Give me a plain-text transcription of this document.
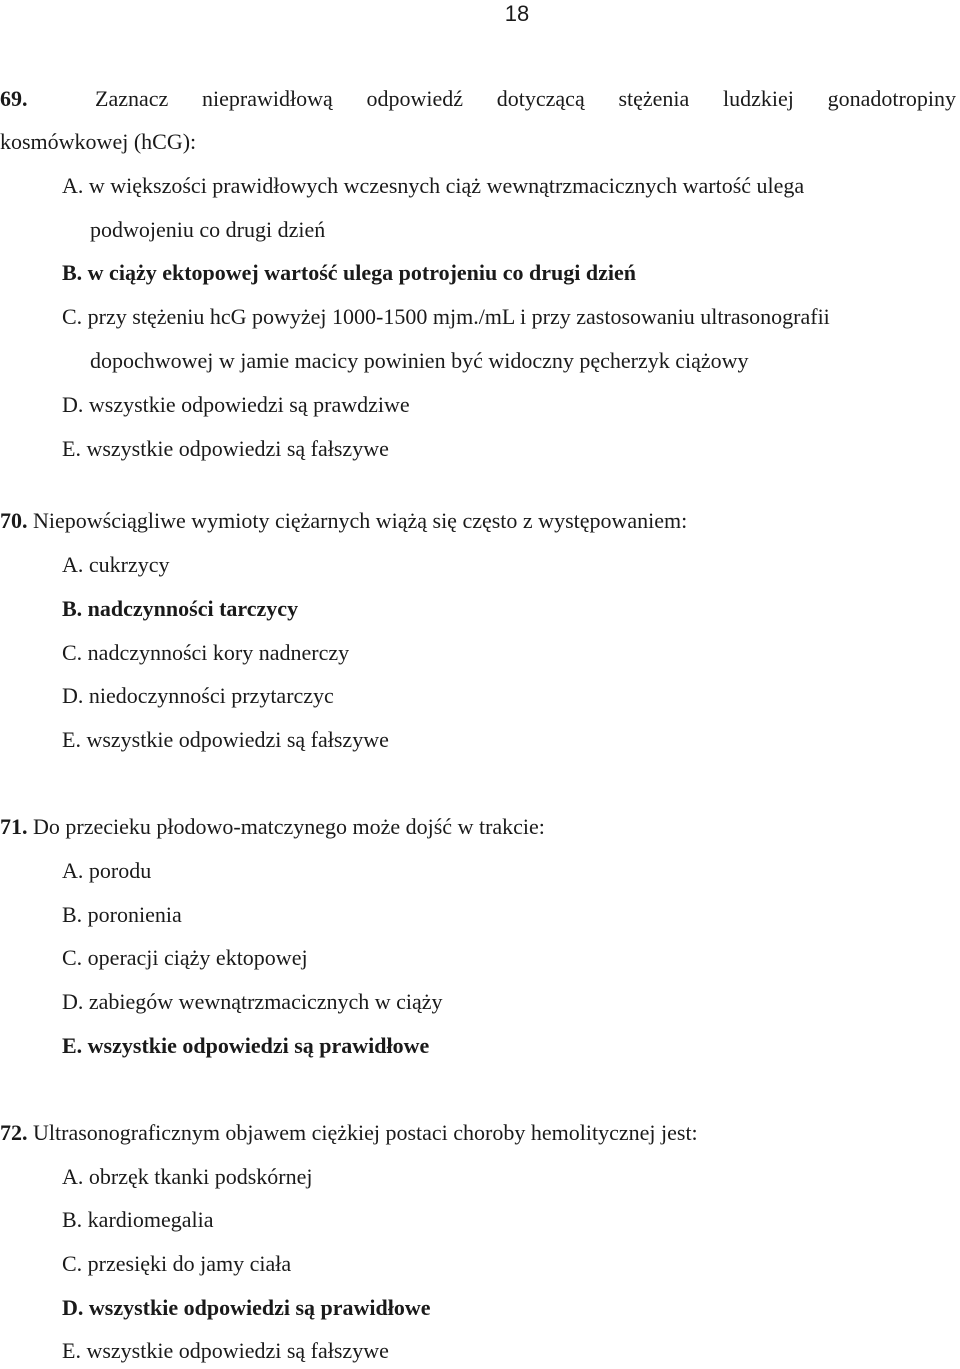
18
69.	Zaznacz nieprawidłową odpowiedź dotyczącą stężenia ludzkiej gonadotropiny
kosmówkowej (hCG):
A. w większości prawidłowych wczesnych ciąż wewnątrzmacicznych wartość ulega
podwojeniu co drugi dzień
B. w ciąży ektopowej wartość ulega potrojeniu co drugi dzień
C. przy stężeniu hcG powyżej 1000-1500 mjm./mL i przy zastosowaniu ultrasonografii
dopochwowej w jamie macicy powinien być widoczny pęcherzyk ciążowy
D. wszystkie odpowiedzi są prawdziwe
E. wszystkie odpowiedzi są fałszywe
70. Niepowściągliwe wymioty ciężarnych wiążą się często z występowaniem:
A. cukrzycy
B. nadczynności tarczycy
C. nadczynności kory nadnerczy
D. niedoczynności przytarczyc
E. wszystkie odpowiedzi są fałszywe
71. Do przecieku płodowo-matczynego może dojść w trakcie:
A. porodu
B. poronienia
C. operacji ciąży ektopowej
D. zabiegów wewnątrzmacicznych w ciąży
E. wszystkie odpowiedzi są prawidłowe
72. Ultrasonograficznym objawem ciężkiej postaci choroby hemolitycznej jest:
A. obrzęk tkanki podskórnej
B. kardiomegalia
C. przesięki do jamy ciała
D. wszystkie odpowiedzi są prawidłowe
E. wszystkie odpowiedzi są fałszywe
